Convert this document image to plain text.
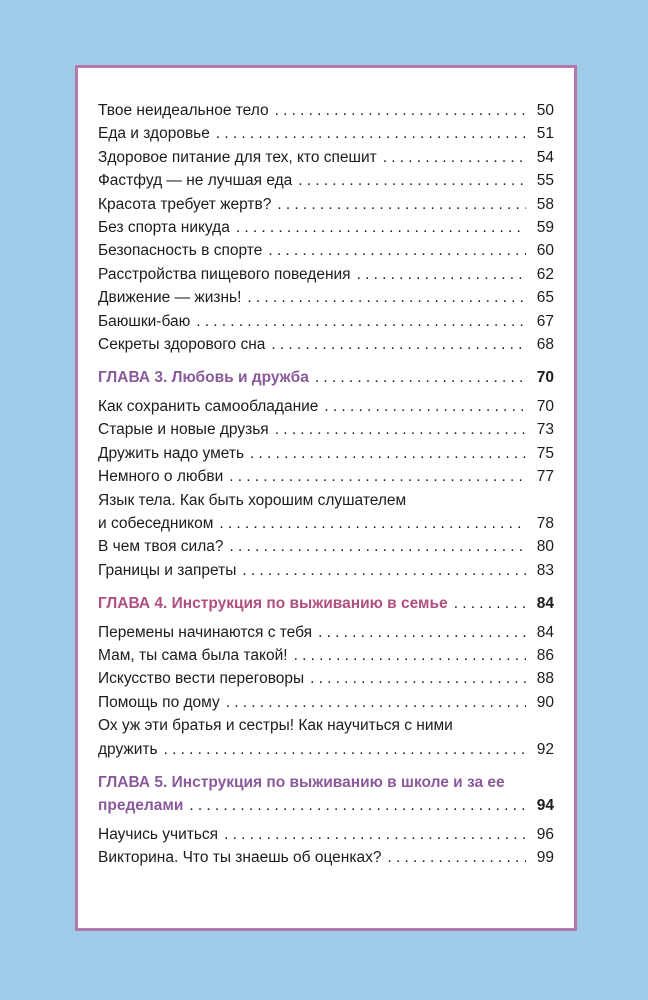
Твое неидеальное тело .....	50
Еда и здоровье .....	51
Здоровое питание для тех, кто спешит .....	54
Фастфуд — не лучшая еда .....	55
Красота требует жертв? .....	58
Без спорта никуда .....	59
Безопасность в спорте .....	60
Расстройства пищевого поведения .....	62
Движение — жизнь! .....	65
Баюшки-баю .....	67
Секреты здорового сна .....	68
ГЛАВА 3. Любовь и дружба .....	70
Как сохранить самообладание .....	70
Старые и новые друзья .....	73
Дружить надо уметь .....	75
Немного о любви .....	77
Язык тела. Как быть хорошим слушателем
и собеседником .....	78
В чем твоя сила? .....	80
Границы и запреты .....	83
ГЛАВА 4. Инструкция по выживанию в семье .....	84
Перемены начинаются с тебя .....	84
Мам, ты сама была такой! .....	86
Искусство вести переговоры .....	88
Помощь по дому .....	90
Ох уж эти братья и сестры! Как научиться с ними
дружить .....	92
ГЛАВА 5. Инструкция по выживанию в школе и за ее
пределами .....	94
Научись учиться .....	96
Викторина. Что ты знаешь об оценках? .....	99
